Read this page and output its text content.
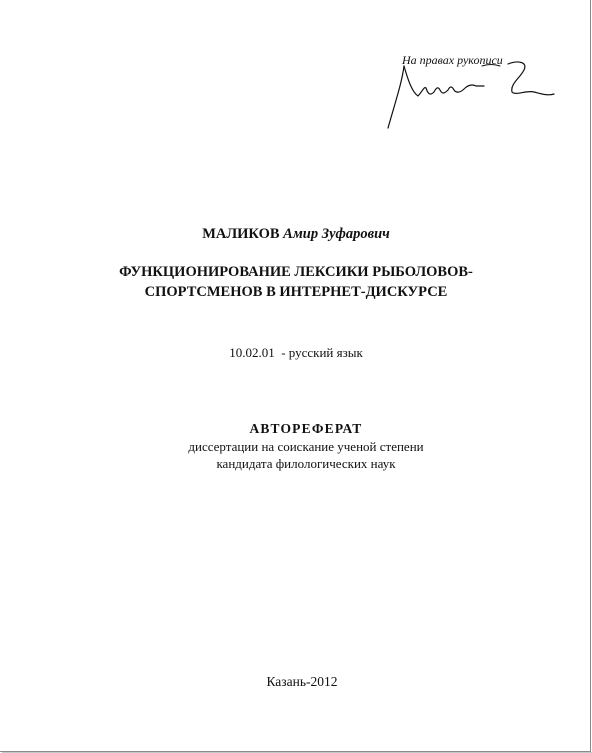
На правах рукописи
МАЛИКОВ Амир Зуфарович
ФУНКЦИОНИРОВАНИЕ ЛЕКСИКИ РЫБОЛОВОВ-
СПОРТСМЕНОВ В ИНТЕРНЕТ-ДИСКУРСЕ
10.02.01  - русский язык
АВТОРЕФЕРАТ
диссертации на соискание ученой степени
кандидата филологических наук
Казань-2012
